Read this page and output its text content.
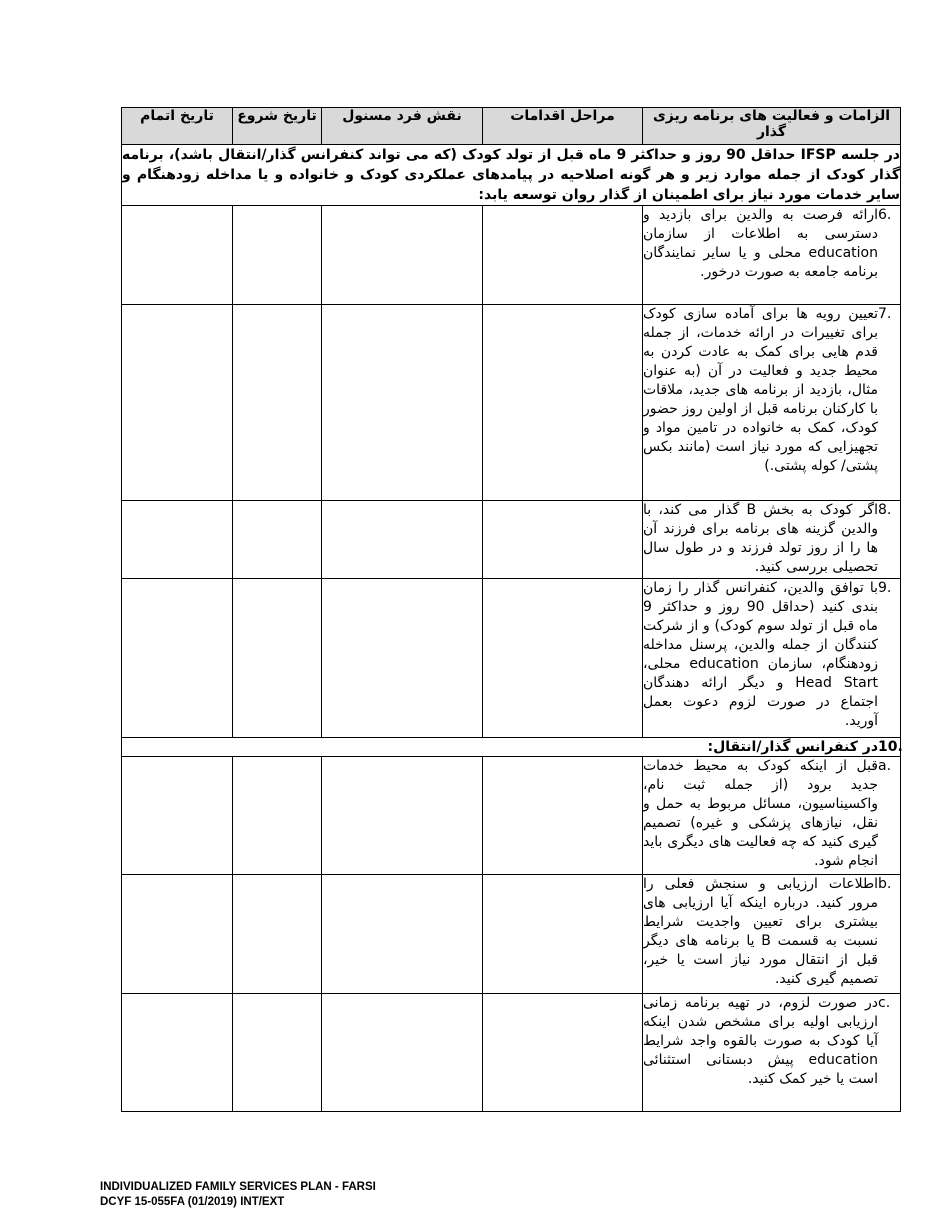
الزامات و فعالیت های برنامه ریزی گذار	مراحل اقدامات	نقش فرد مسنول	تاریخ شروع	تاریخ اتمام
در جلسه IFSP حداقل 90 روز و حداکثر 9 ماه قبل از تولد کودک (که می تواند کنفرانس گذار/انتقال باشد)، برنامه گذار کودک از جمله موارد زیر و هر گونه اصلاحیه در پیامدهای عملکردی کودک و خانواده و یا مداخله زودهنگام و سایر خدمات مورد نیاز برای اطمینان از گذار روان توسعه یابد:				

6.
ارائه فرصت به والدین برای بازدید و دسترسی به اطلاعات از سازمان education محلی و یا سایر نمایندگان برنامه جامعه به صورت درخور.				

7.
تعیین رویه ها برای آماده سازی کودک برای تغییرات در ارائه خدمات، از جمله قدم هایی برای کمک به عادت کردن به محیط جدید و فعالیت در آن (به عنوان مثال، بازدید از برنامه های جدید، ملاقات با کارکنان برنامه قبل از اولین روز حضور کودک، کمک به خانواده در تامین مواد و تجهیزایی که مورد نیاز است (مانند بکس پشتی/ کوله پشتی.)				

8.
اگر کودک به بخش B گذار می کند، با والدین گزینه های برنامه برای فرزند آن ها را از روز تولد فرزند و در طول سال تحصیلی بررسی کنید.				

9.
با توافق والدین، کنفرانس گذار را زمان بندی کنید (حداقل 90 روز و حداکثر 9 ماه قبل از تولد سوم کودک) و از شرکت کنندگان از جمله والدین، پرسنل مداخله زودهنگام، سازمان education محلی، Head Start و دیگر ارائه دهندگان اجتماع در صورت لزوم دعوت بعمل آورید.				

10.
در کنفرانس گذار/انتقال:				

a.
قبل از اینکه کودک به محیط خدمات جدید برود (از جمله ثبت نام، واکسیناسیون، مسائل مربوط به حمل و نقل، نیازهای پزشکی و غیره) تصمیم گیری کنید که چه فعالیت های دیگری باید انجام شود.				

b.
اطلاعات ارزیابی و سنجش فعلی را مرور کنید. درباره اینکه آیا ارزیابی های بیشتری برای تعیین واجدیت شرایط نسبت به قسمت B یا برنامه های دیگر قبل از انتقال مورد نیاز است یا خیر، تصمیم گیری کنید.				

c.
در صورت لزوم، در تهیه برنامه زمانی ارزیابی اولیه برای مشخص شدن اینکه آیا کودک به صورت بالقوه واجد شرایط education پیش دبستانی استثنائی است یا خیر کمک کنید.				

INDIVIDUALIZED FAMILY SERVICES PLAN - FARSI
DCYF 15-055FA (01/2019) INT/EXT
